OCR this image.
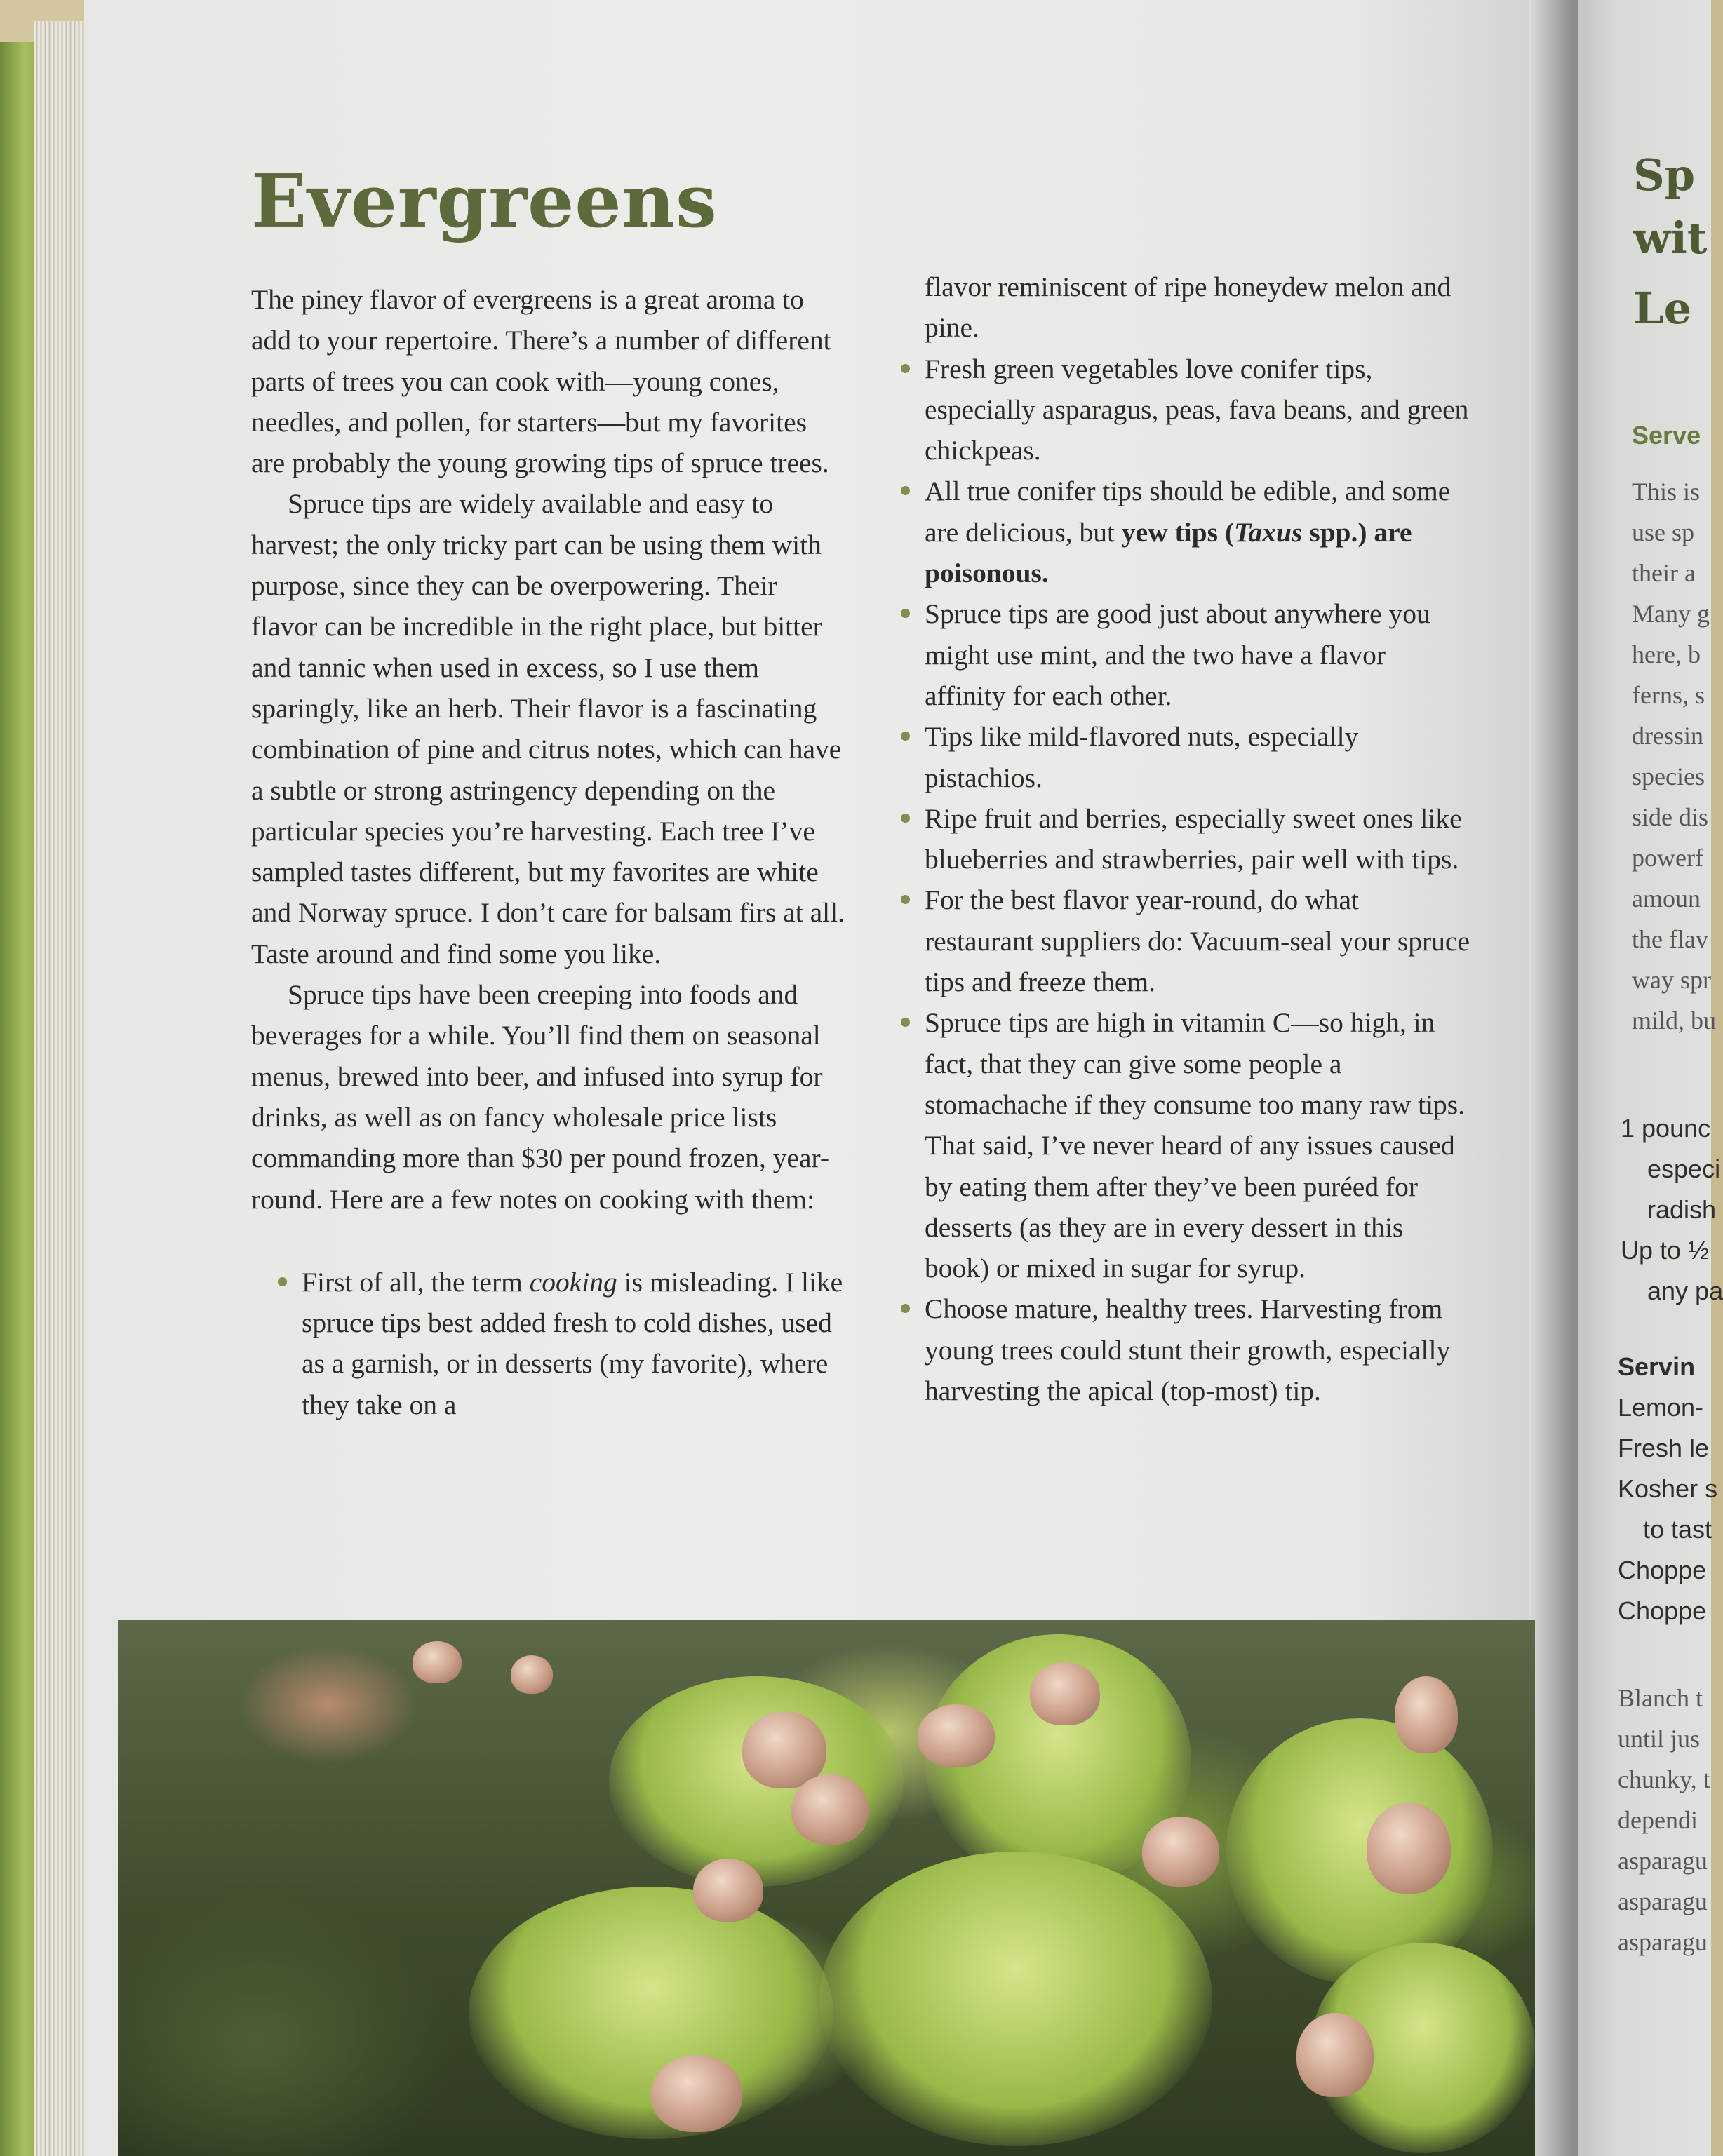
Evergreens

The piney flavor of evergreens is a great aroma to add to your repertoire. There’s a number of different parts of trees you can cook with—young cones, needles, and pollen, for starters—but my favorites are probably the young growing tips of spruce trees.

Spruce tips are widely available and easy to harvest; the only tricky part can be using them with purpose, since they can be overpowering. Their flavor can be incredible in the right place, but bitter and tannic when used in excess, so I use them sparingly, like an herb. Their flavor is a fascinating combination of pine and citrus notes, which can have a subtle or strong astringency depending on the particular species you’re harvesting. Each tree I’ve sampled tastes different, but my favorites are white and Norway spruce. I don’t care for balsam firs at all. Taste around and find some you like.

Spruce tips have been creeping into foods and beverages for a while. You’ll find them on seasonal menus, brewed into beer, and infused into syrup for drinks, as well as on fancy wholesale price lists commanding more than $30 per pound frozen, year-round. Here are a few notes on cooking with them:

First of all, the term cooking is misleading. I like spruce tips best added fresh to cold dishes, used as a garnish, or in desserts (my favorite), where they take on a

flavor reminiscent of ripe honeydew melon and pine.

Fresh green vegetables love conifer tips, especially asparagus, peas, fava beans, and green chickpeas.
All true conifer tips should be edible, and some are delicious, but yew tips (Taxus spp.) are poisonous.
Spruce tips are good just about anywhere you might use mint, and the two have a flavor affinity for each other.
Tips like mild-flavored nuts, especially pistachios.
Ripe fruit and berries, especially sweet ones like blueberries and strawberries, pair well with tips.
For the best flavor year-round, do what restaurant suppliers do: Vacuum-seal your spruce tips and freeze them.
Spruce tips are high in vitamin C—so high, in fact, that they can give some people a stomachache if they consume too many raw tips. That said, I’ve never heard of any issues caused by eating them after they’ve been puréed for desserts (as they are in every dessert in this book) or mixed in sugar for syrup.
Choose mature, healthy trees. Harvesting from young trees could stunt their growth, especially harvesting the apical (top-most) tip.
Sp
wit
Le
Serve
This is
use sp
their a
Many g
here, b
ferns, s
dressin
species
side dis
powerf
amoun
the flav
way spr
mild, bu
1 pounc
especi
radish
Up to ½
any pa
Servin
Lemon-
Fresh le
Kosher s
to tast
Choppe
Choppe
Blanch t
until jus
chunky, t
dependi
asparagu
asparagu
asparagu
